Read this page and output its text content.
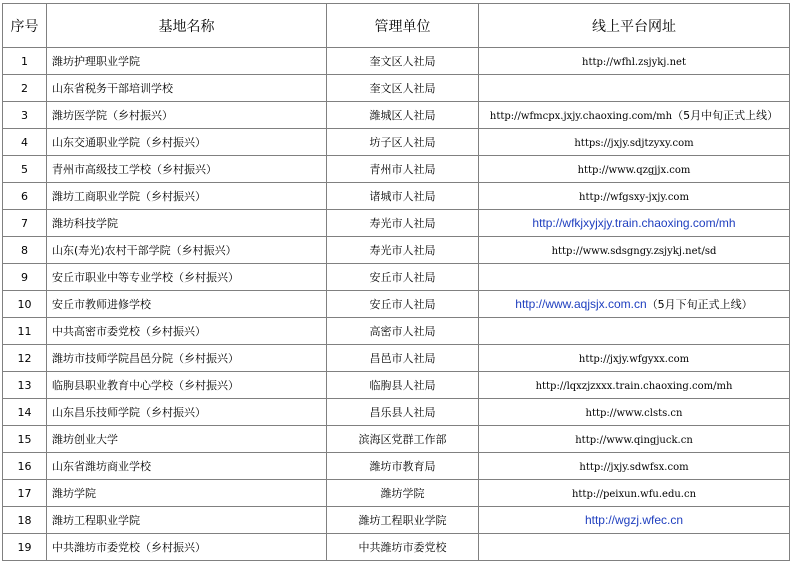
序号	基地名称	管理单位	线上平台网址
1	潍坊护理职业学院	奎文区人社局	http://wfhl.zsjykj.net
2	山东省税务干部培训学校	奎文区人社局	
3	潍坊医学院（乡村振兴）	潍城区人社局	http://wfmcpx.jxjy.chaoxing.com/mh（5月中旬正式上线）
4	山东交通职业学院（乡村振兴）	坊子区人社局	https://jxjy.sdjtzyxy.com
5	青州市高级技工学校（乡村振兴）	青州市人社局	http://www.qzgjjx.com
6	潍坊工商职业学院（乡村振兴）	诸城市人社局	http://wfgsxy-jxjy.com
7	潍坊科技学院	寿光市人社局	http://wfkjxyjxjy.train.chaoxing.com/mh
8	山东(寿光)农村干部学院（乡村振兴）	寿光市人社局	http://www.sdsgngy.zsjykj.net/sd
9	安丘市职业中等专业学校（乡村振兴）	安丘市人社局	
10	安丘市教师进修学校	安丘市人社局	http://www.aqjsjx.com.cn（5月下旬正式上线）
11	中共高密市委党校（乡村振兴）	高密市人社局	
12	潍坊市技师学院昌邑分院（乡村振兴）	昌邑市人社局	http://jxjy.wfgyxx.com
13	临朐县职业教育中心学校（乡村振兴）	临朐县人社局	http://lqxzjzxxx.train.chaoxing.com/mh
14	山东昌乐技师学院（乡村振兴）	昌乐县人社局	http://www.clsts.cn
15	潍坊创业大学	滨海区党群工作部	http://www.qingjuck.cn
16	山东省潍坊商业学校	潍坊市教育局	http://jxjy.sdwfsx.com
17	潍坊学院	潍坊学院	http://peixun.wfu.edu.cn
18	潍坊工程职业学院	潍坊工程职业学院	http://wgzj.wfec.cn
19	中共潍坊市委党校（乡村振兴）	中共潍坊市委党校	
